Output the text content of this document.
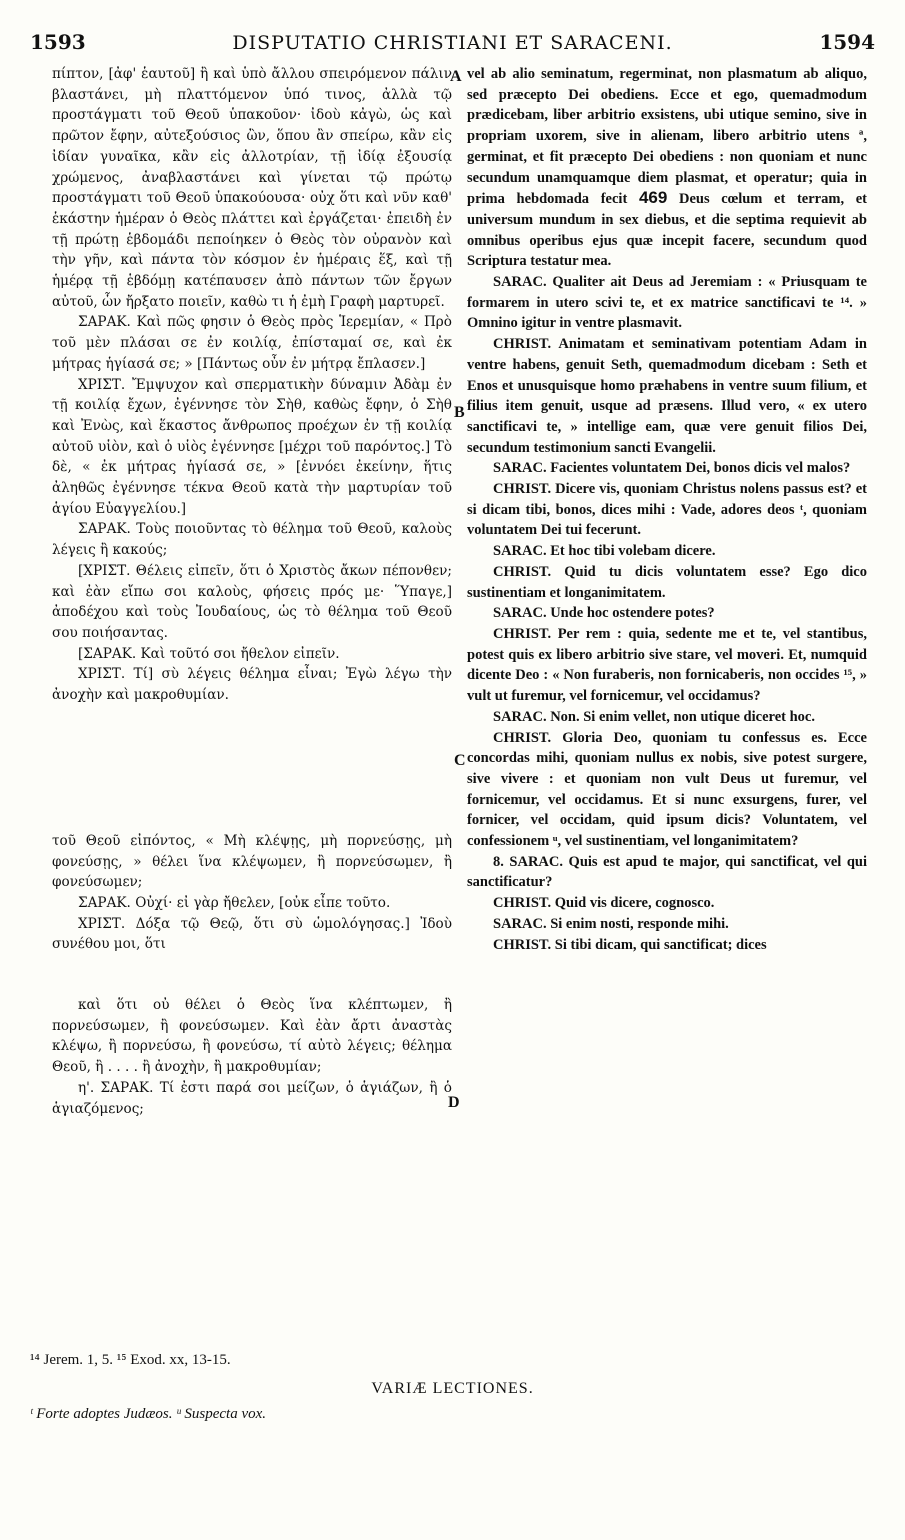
1593	DISPUTATIO CHRISTIANI ET SARACENI.	1594

πίπτον, [ἀφ' ἑαυτοῦ] ἢ καὶ ὑπὸ ἄλλου σπειρόμενον πάλιν βλαστάνει, μὴ πλαττόμενον ὑπό τινος, ἀλλὰ τῷ προστάγματι τοῦ Θεοῦ ὑπακοῦον· ἰδοὺ κἀγὼ, ὡς καὶ πρῶτον ἔφην, αὐτεξούσιος ὢν, ὅπου ἂν σπείρω, κἂν εἰς ἰδίαν γυναῖκα, κἂν εἰς ἀλλοτρίαν, τῇ ἰδίᾳ ἐξουσίᾳ χρώμενος, ἀναβλαστάνει καὶ γίνεται τῷ πρώτῳ προστάγματι τοῦ Θεοῦ ὑπακούουσα· οὐχ ὅτι καὶ νῦν καθ' ἑκάστην ἡμέραν ὁ Θεὸς πλάττει καὶ ἐργάζεται· ἐπειδὴ ἐν τῇ πρώτῃ ἑβδομάδι πεποίηκεν ὁ Θεὸς τὸν οὐρανὸν καὶ τὴν γῆν, καὶ πάντα τὸν κόσμον ἐν ἡμέραις ἕξ, καὶ τῇ ἡμέρᾳ τῇ ἑβδόμῃ κατέπαυσεν ἀπὸ πάντων τῶν ἔργων αὐτοῦ, ὧν ἤρξατο ποιεῖν, καθὼ τι ἡ ἐμὴ Γραφὴ μαρτυρεῖ.

ΣΑΡΑΚ. Καὶ πῶς φησιν ὁ Θεὸς πρὸς Ἱερεμίαν, « Πρὸ τοῦ μὲν πλάσαι σε ἐν κοιλίᾳ, ἐπίσταμαί σε, καὶ ἐκ μήτρας ἡγίασά σε; » [Πάντως οὖν ἐν μήτρᾳ ἔπλασεν.]

ΧΡΙΣΤ. Ἔμψυχον καὶ σπερματικὴν δύναμιν Ἀδὰμ ἐν τῇ κοιλίᾳ ἔχων, ἐγέννησε τὸν Σὴθ, καθὼς ἔφην, ὁ Σὴθ καὶ Ἐνὼς, καὶ ἕκαστος ἄνθρωπος προέχων ἐν τῇ κοιλίᾳ αὐτοῦ υἱὸν, καὶ ὁ υἱὸς ἐγέννησε [μέχρι τοῦ παρόντος.] Τὸ δὲ, « ἐκ μήτρας ἡγίασά σε, » [ἐννόει ἐκείνην, ἥτις ἀληθῶς ἐγέννησε τέκνα Θεοῦ κατὰ τὴν μαρτυρίαν τοῦ ἁγίου Εὐαγγελίου.]

ΣΑΡΑΚ. Τοὺς ποιοῦντας τὸ θέλημα τοῦ Θεοῦ, καλοὺς λέγεις ἢ κακούς;

[ΧΡΙΣΤ. Θέλεις εἰπεῖν, ὅτι ὁ Χριστὸς ἄκων πέπονθεν; καὶ ἐὰν εἴπω σοι καλοὺς, φήσεις πρός με· Ὕπαγε,] ἀποδέχου καὶ τοὺς Ἰουδαίους, ὡς τὸ θέλημα τοῦ Θεοῦ σου ποιήσαντας.

[ΣΑΡΑΚ. Καὶ τοῦτό σοι ἤθελον εἰπεῖν.

ΧΡΙΣΤ. Τί] σὺ λέγεις θέλημα εἶναι; Ἐγὼ λέγω τὴν ἀνοχὴν καὶ μακροθυμίαν.

τοῦ Θεοῦ εἰπόντος, « Μὴ κλέψῃς, μὴ πορνεύσῃς, μὴ φονεύσῃς, » θέλει ἵνα κλέψωμεν, ἢ πορνεύσωμεν, ἢ φονεύσωμεν;

ΣΑΡΑΚ. Οὐχί· εἰ γὰρ ἤθελεν, [οὐκ εἶπε τοῦτο.

ΧΡΙΣΤ. Δόξα τῷ Θεῷ, ὅτι σὺ ὡμολόγησας.] Ἰδοὺ συνέθου μοι, ὅτι

καὶ ὅτι οὐ θέλει ὁ Θεὸς ἵνα κλέπτωμεν, ἢ πορνεύσωμεν, ἢ φονεύσωμεν. Καὶ ἐὰν ἄρτι ἀναστὰς κλέψω, ἢ πορνεύσω, ἢ φονεύσω, τί αὐτὸ λέγεις; θέλημα Θεοῦ, ἢ . . . . ἢ ἀνοχὴν, ἢ μακροθυμίαν;

η'. ΣΑΡΑΚ. Τί ἐστι παρά σοι μείζων, ὁ ἁγιάζων, ἢ ὁ ἁγιαζόμενος;

A
B
C
D

vel ab alio seminatum, regerminat, non plasmatum ab aliquo, sed præcepto Dei obediens. Ecce et ego, quemadmodum prædicebam, liber arbitrio exsistens, ubi utique semino, sive in propriam uxorem, sive in alienam, libero arbitrio utens ª, germinat, et fit præcepto Dei obediens : non quoniam et nunc secundum unamquamque diem plasmat, et operatur; quia in prima hebdomada fecit 469 Deus cœlum et terram, et universum mundum in sex diebus, et die septima requievit ab omnibus operibus ejus quæ incepit facere, secundum quod Scriptura testatur mea.

SARAC. Qualiter ait Deus ad Jeremiam : « Priusquam te formarem in utero scivi te, et ex matrice sanctificavi te ¹⁴. » Omnino igitur in ventre plasmavit.

CHRIST. Animatam et seminativam potentiam Adam in ventre habens, genuit Seth, quemadmodum dicebam : Seth et Enos et unusquisque homo præhabens in ventre suum filium, et filius item genuit, usque ad præsens. Illud vero, « ex utero sanctificavi te, » intellige eam, quæ vere genuit filios Dei, secundum testimonium sancti Evangelii.

SARAC. Facientes voluntatem Dei, bonos dicis vel malos?

CHRIST. Dicere vis, quoniam Christus nolens passus est? et si dicam tibi, bonos, dices mihi : Vade, adores deos ᵗ, quoniam voluntatem Dei tui fecerunt.

SARAC. Et hoc tibi volebam dicere.

CHRIST. Quid tu dicis voluntatem esse? Ego dico sustinentiam et longanimitatem.

SARAC. Unde hoc ostendere potes?

CHRIST. Per rem : quia, sedente me et te, vel stantibus, potest quis ex libero arbitrio sive stare, vel moveri. Et, numquid dicente Deo : « Non furaberis, non fornicaberis, non occides ¹⁵, » vult ut furemur, vel fornicemur, vel occidamus?

SARAC. Non. Si enim vellet, non utique diceret hoc.

CHRIST. Gloria Deo, quoniam tu confessus es. Ecce concordas mihi, quoniam nullus ex nobis, sive potest surgere, sive vivere : et quoniam non vult Deus ut furemur, vel fornicemur, vel occidamus. Et si nunc exsurgens, furer, vel fornicer, vel occidam, quid ipsum dicis? Voluntatem, vel confessionem ᵘ, vel sustinentiam, vel longanimitatem?

8. SARAC. Quis est apud te major, qui sanctificat, vel qui sanctificatur?

CHRIST. Quid vis dicere, cognosco.

SARAC. Si enim nosti, responde mihi.

CHRIST. Si tibi dicam, qui sanctificat; dices

¹⁴ Jerem. 1, 5. ¹⁵ Exod. xx, 13-15.
VARIÆ LECTIONES.
ᵗ Forte adoptes Judæos. ᵘ Suspecta vox.
